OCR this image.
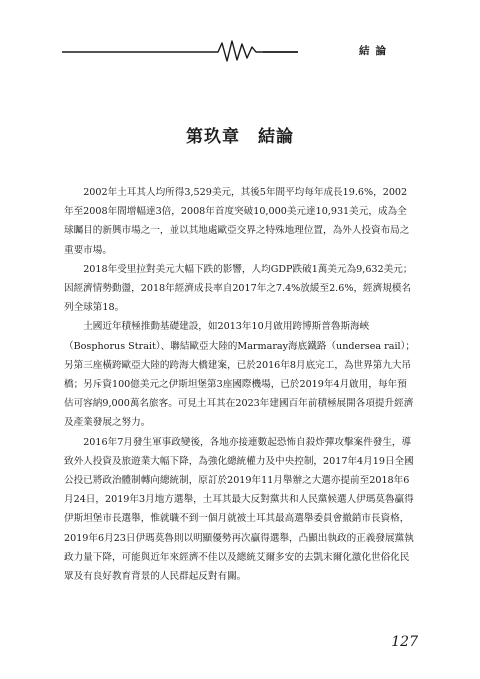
結論
第玖章　結論

2002年土耳其人均所得3,529美元，其後5年間平均每年成長19.6%，2002年至2008年間增幅達3倍，2008年首度突破10,000美元達10,931美元，成為全球矚目的新興市場之一，並以其地處歐亞交界之特殊地理位置，為外人投資布局之重要市場。

2018年受里拉對美元大幅下跌的影響，人均GDP跌破1萬美元為9,632美元；因經濟情勢動盪，2018年經濟成長率自2017年之7.4%放緩至2.6%，經濟規模名列全球第18。

土國近年積極推動基礎建設，如2013年10月啟用跨博斯普魯斯海峽（Bosphorus Strait）、聯結歐亞大陸的Marmaray海底鐵路（undersea rail）；另第三座橫跨歐亞大陸的跨海大橋建案，已於2016年8月底完工，為世界第九大吊橋；另斥資100億美元之伊斯坦堡第3座國際機場，已於2019年4月啟用，每年預估可容納9,000萬名旅客。可見土耳其在2023年建國百年前積極展開各項提升經濟及產業發展之努力。

2016年7月發生軍事政變後，各地亦接連數起恐怖自殺炸彈攻擊案件發生，導致外人投資及旅遊業大幅下降，為強化總統權力及中央控制，2017年4月19日全國公投已將政治體制轉向總統制，原訂於2019年11月舉辦之大選亦提前至2018年6月24日，2019年3月地方選舉，土耳其最大反對黨共和人民黨候選人伊瑪莫魯贏得伊斯坦堡市長選舉，惟就職不到一個月就被土耳其最高選舉委員會撤銷市長資格，2019年6月23日伊瑪莫魯則以明顯優勢再次贏得選舉，凸顯出執政的正義發展黨執政力量下降，可能與近年來經濟不佳以及總統艾爾多安的去凱末爾化激化世俗化民眾及有良好教育背景的人民群起反對有關。

127
